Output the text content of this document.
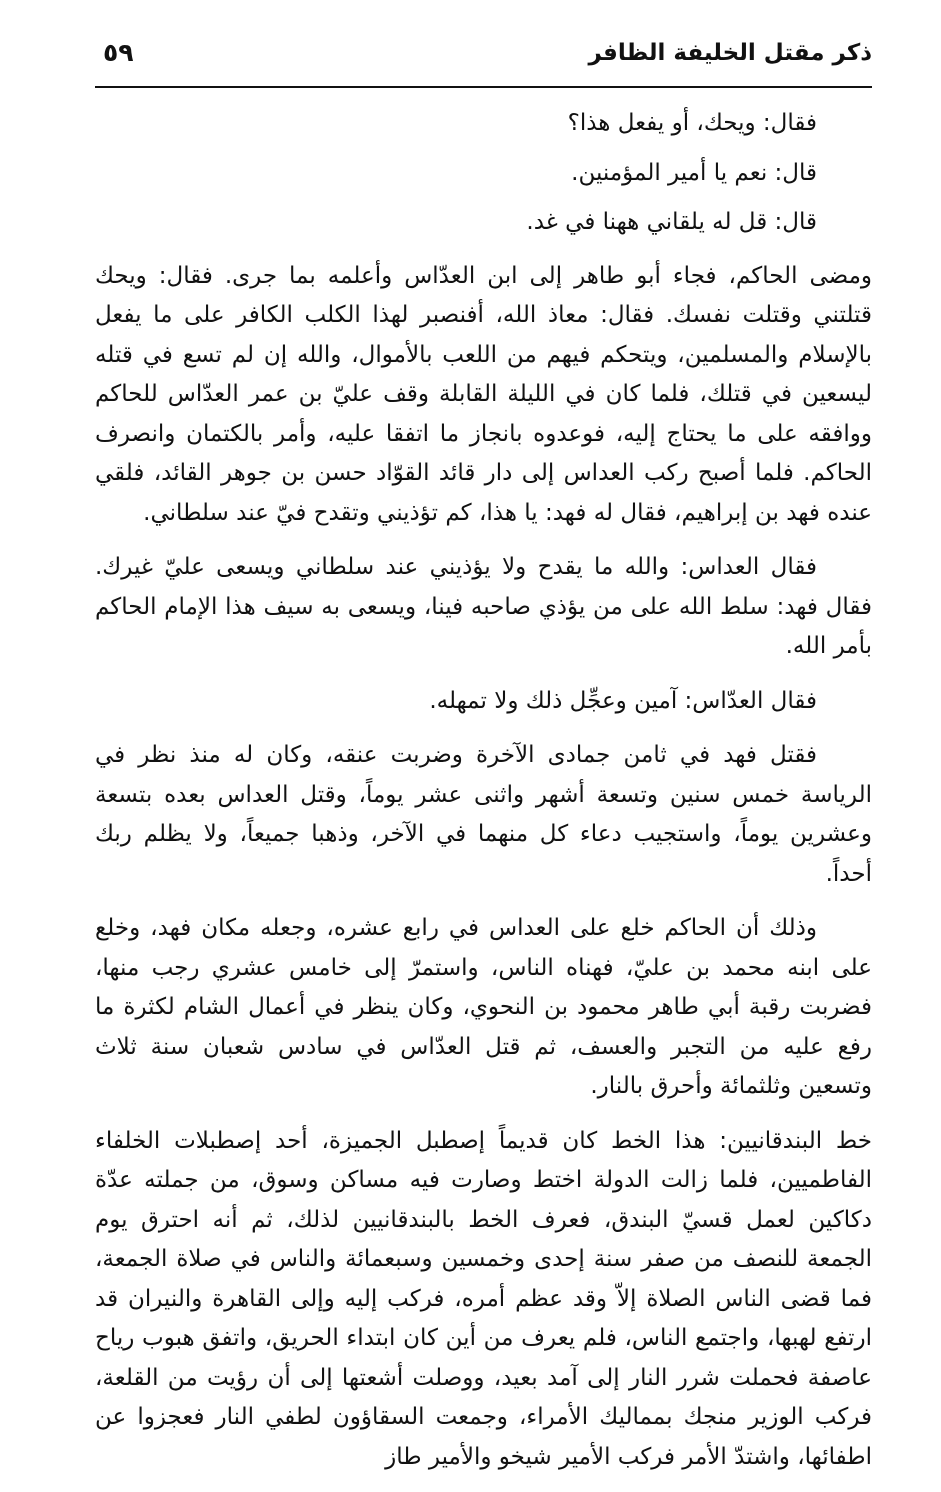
ذكر مقتل الخليفة الظافر
٥٩

فقال: ويحك، أو يفعل هذا؟

قال: نعم يا أمير المؤمنين.

قال: قل له يلقاني ههنا في غد.

ومضى الحاكم، فجاء أبو طاهر إلى ابن العدّاس وأعلمه بما جرى. فقال: ويحك قتلتني وقتلت نفسك. فقال: معاذ الله، أفنصبر لهذا الكلب الكافر على ما يفعل بالإسلام والمسلمين، ويتحكم فيهم من اللعب بالأموال، والله إن لم تسع في قتله ليسعين في قتلك، فلما كان في الليلة القابلة وقف عليّ بن عمر العدّاس للحاكم ووافقه على ما يحتاج إليه، فوعدوه بانجاز ما اتفقا عليه، وأمر بالكتمان وانصرف الحاكم. فلما أصبح ركب العداس إلى دار قائد القوّاد حسن بن جوهر القائد، فلقي عنده فهد بن إبراهيم، فقال له فهد: يا هذا، كم تؤذيني وتقدح فيّ عند سلطاني.

فقال العداس: والله ما يقدح ولا يؤذيني عند سلطاني ويسعى عليّ غيرك. فقال فهد: سلط الله على من يؤذي صاحبه فينا، ويسعى به سيف هذا الإمام الحاكم بأمر الله.

فقال العدّاس: آمين وعجِّل ذلك ولا تمهله.

فقتل فهد في ثامن جمادى الآخرة وضربت عنقه، وكان له منذ نظر في الرياسة خمس سنين وتسعة أشهر واثنى عشر يوماً، وقتل العداس بعده بتسعة وعشرين يوماً، واستجيب دعاء كل منهما في الآخر، وذهبا جميعاً، ولا يظلم ربك أحداً.

وذلك أن الحاكم خلع على العداس في رابع عشره، وجعله مكان فهد، وخلع على ابنه محمد بن عليّ، فهناه الناس، واستمرّ إلى خامس عشري رجب منها، فضربت رقبة أبي طاهر محمود بن النحوي، وكان ينظر في أعمال الشام لكثرة ما رفع عليه من التجبر والعسف، ثم قتل العدّاس في سادس شعبان سنة ثلاث وتسعين وثلثمائة وأحرق بالنار.

خط البندقانيين: هذا الخط كان قديماً إصطبل الجميزة، أحد إصطبلات الخلفاء الفاطميين، فلما زالت الدولة اختط وصارت فيه مساكن وسوق، من جملته عدّة دكاكين لعمل قسيّ البندق، فعرف الخط بالبندقانيين لذلك، ثم أنه احترق يوم الجمعة للنصف من صفر سنة إحدى وخمسين وسبعمائة والناس في صلاة الجمعة، فما قضى الناس الصلاة إلاّ وقد عظم أمره، فركب إليه وإلى القاهرة والنيران قد ارتفع لهبها، واجتمع الناس، فلم يعرف من أين كان ابتداء الحريق، واتفق هبوب رياح عاصفة فحملت شرر النار إلى آمد بعيد، ووصلت أشعتها إلى أن رؤيت من القلعة، فركب الوزير منجك بمماليك الأمراء، وجمعت السقاؤون لطفي النار فعجزوا عن اطفائها، واشتدّ الأمر فركب الأمير شيخو والأمير طاز
